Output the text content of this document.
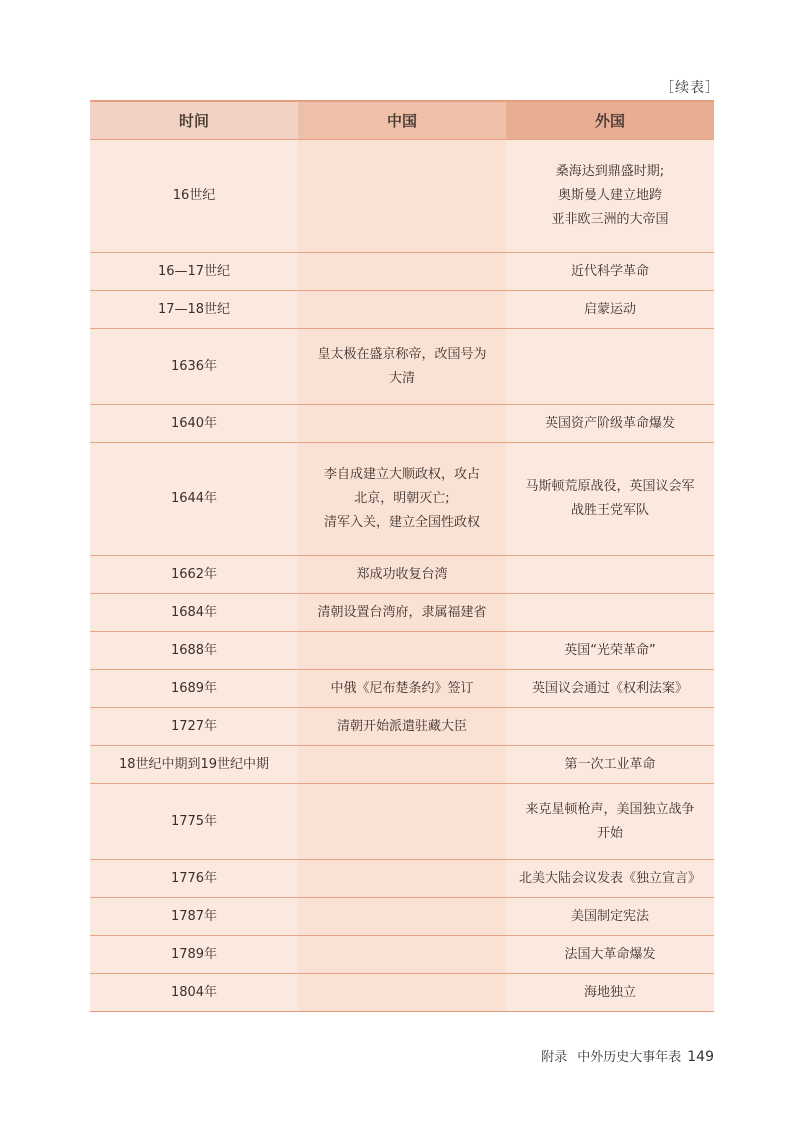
［续表］
时间	中国	外国
16世纪		桑海达到鼎盛时期;
奥斯曼人建立地跨
亚非欧三洲的大帝国
16—17世纪		近代科学革命
17—18世纪		启蒙运动
1636年	皇太极在盛京称帝，改国号为
大清	
1640年		英国资产阶级革命爆发
1644年	李自成建立大顺政权，攻占
北京，明朝灭亡;
清军入关，建立全国性政权	马斯顿荒原战役，英国议会军
战胜王党军队
1662年	郑成功收复台湾	
1684年	清朝设置台湾府，隶属福建省	
1688年		英国“光荣革命”
1689年	中俄《尼布楚条约》签订	英国议会通过《权利法案》
1727年	清朝开始派遣驻藏大臣	
18世纪中期到19世纪中期		第一次工业革命
1775年		来克星顿枪声，美国独立战争
开始
1776年		北美大陆会议发表《独立宣言》
1787年		美国制定宪法
1789年		法国大革命爆发
1804年		海地独立
附录 中外历史大事年表 149
